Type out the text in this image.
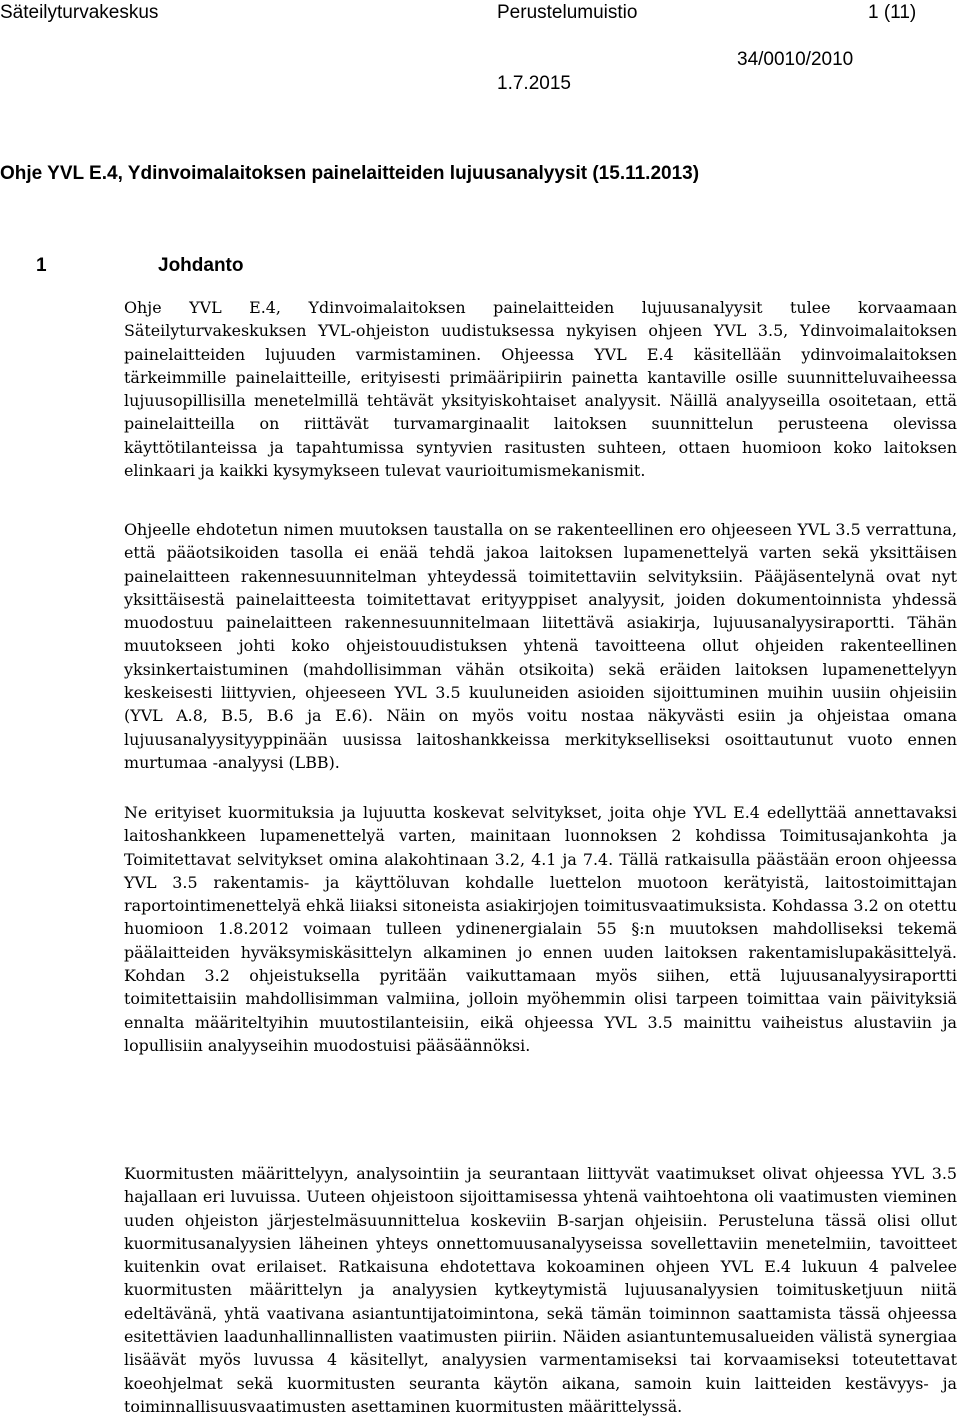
Säteilyturvakeskus	Perustelumuistio	1 (11)
34/0010/2010
1.7.2015
Ohje YVL E.4, Ydinvoimalaitoksen painelaitteiden lujuusanalyysit (15.11.2013)
1	Johdanto

Ohje YVL E.4, Ydinvoimalaitoksen painelaitteiden lujuusanalyysit tulee korvaamaan Säteilyturvakeskuksen YVL-ohjeiston uudistuksessa nykyisen ohjeen YVL 3.5, Ydinvoimalaitoksen painelaitteiden lujuuden varmistaminen. Ohjeessa YVL E.4 käsitellään ydinvoimalaitoksen tärkeimmille painelaitteille, erityisesti primääripiirin painetta kantaville osille suunnitteluvaiheessa lujuusopillisilla menetelmillä tehtävät yksityiskohtaiset analyysit. Näillä analyyseilla osoitetaan, että painelaitteilla on riittävät turvamarginaalit laitoksen suunnittelun perusteena olevissa käyttötilanteissa ja tapahtumissa syntyvien rasitusten suhteen, ottaen huomioon koko laitoksen elinkaari ja kaikki kysymykseen tulevat vaurioitumismekanismit.

Ohjeelle ehdotetun nimen muutoksen taustalla on se rakenteellinen ero ohjeeseen YVL 3.5 verrattuna, että pääotsikoiden tasolla ei enää tehdä jakoa laitoksen lupamenettelyä varten sekä yksittäisen painelaitteen rakennesuunnitelman yhteydessä toimitettaviin selvityksiin. Pääjäsentelynä ovat nyt yksittäisestä painelaitteesta toimitettavat erityyppiset analyysit, joiden dokumentoinnista yhdessä muodostuu painelaitteen rakennesuunnitelmaan liitettävä asiakirja, lujuusanalyysiraportti. Tähän muutokseen johti koko ohjeistouudistuksen yhtenä tavoitteena ollut ohjeiden rakenteellinen yksinkertaistuminen (mahdollisimman vähän otsikoita) sekä eräiden laitoksen lupamenettelyyn keskeisesti liittyvien, ohjeeseen YVL 3.5 kuuluneiden asioiden sijoittuminen muihin uusiin ohjeisiin (YVL A.8, B.5, B.6 ja E.6). Näin on myös voitu nostaa näkyvästi esiin ja ohjeistaa omana lujuusanalyysityyppinään uusissa laitoshankkeissa merkitykselliseksi osoittautunut vuoto ennen murtumaa -analyysi (LBB).

Ne erityiset kuormituksia ja lujuutta koskevat selvitykset, joita ohje YVL E.4 edellyttää annettavaksi laitoshankkeen lupamenettelyä varten, mainitaan luonnoksen 2 kohdissa Toimitusajankohta ja Toimitettavat selvitykset omina alakohtinaan 3.2, 4.1 ja 7.4. Tällä ratkaisulla päästään eroon ohjeessa YVL 3.5 rakentamis- ja käyttöluvan kohdalle luettelon muotoon kerätyistä, laitostoimittajan raportointimenettelyä ehkä liiaksi sitoneista asiakirjojen toimitusvaatimuksista. Kohdassa 3.2 on otettu huomioon 1.8.2012 voimaan tulleen ydinenergialain 55 §:n muutoksen mahdolliseksi tekemä päälaitteiden hyväksymiskäsittelyn alkaminen jo ennen uuden laitoksen rakentamislupakäsittelyä. Kohdan 3.2 ohjeistuksella pyritään vaikuttamaan myös siihen, että lujuusanalyysiraportti toimitettaisiin mahdollisimman valmiina, jolloin myöhemmin olisi tarpeen toimittaa vain päivityksiä ennalta määriteltyihin muutostilanteisiin, eikä ohjeessa YVL 3.5 mainittu vaiheistus alustaviin ja lopullisiin analyyseihin muodostuisi pääsäännöksi.

Kuormitusten määrittelyyn, analysointiin ja seurantaan liittyvät vaatimukset olivat ohjeessa YVL 3.5 hajallaan eri luvuissa. Uuteen ohjeistoon sijoittamisessa yhtenä vaihtoehtona oli vaatimusten vieminen uuden ohjeiston järjestelmäsuunnittelua koskeviin B-sarjan ohjeisiin. Perusteluna tässä olisi ollut kuormitusanalyysien läheinen yhteys onnettomuusanalyyseissa sovellettaviin menetelmiin, tavoitteet kuitenkin ovat erilaiset. Ratkaisuna ehdotettava kokoaminen ohjeen YVL E.4 lukuun 4 palvelee kuormitusten määrittelyn ja analyysien kytkeytymistä lujuusanalyysien toimitusketjuun niitä edeltävänä, yhtä vaativana asiantuntijatoimintona, sekä tämän toiminnon saattamista tässä ohjeessa esitettävien laadunhallinnallisten vaatimusten piiriin. Näiden asiantuntemusalueiden välistä synergiaa lisäävät myös luvussa 4 käsitellyt, analyysien varmentamiseksi tai korvaamiseksi toteutettavat koeohjelmat sekä kuormitusten seuranta käytön aikana, samoin kuin laitteiden kestävyys- ja toiminnallisuusvaatimusten asettaminen kuormitusten määrittelyssä.
